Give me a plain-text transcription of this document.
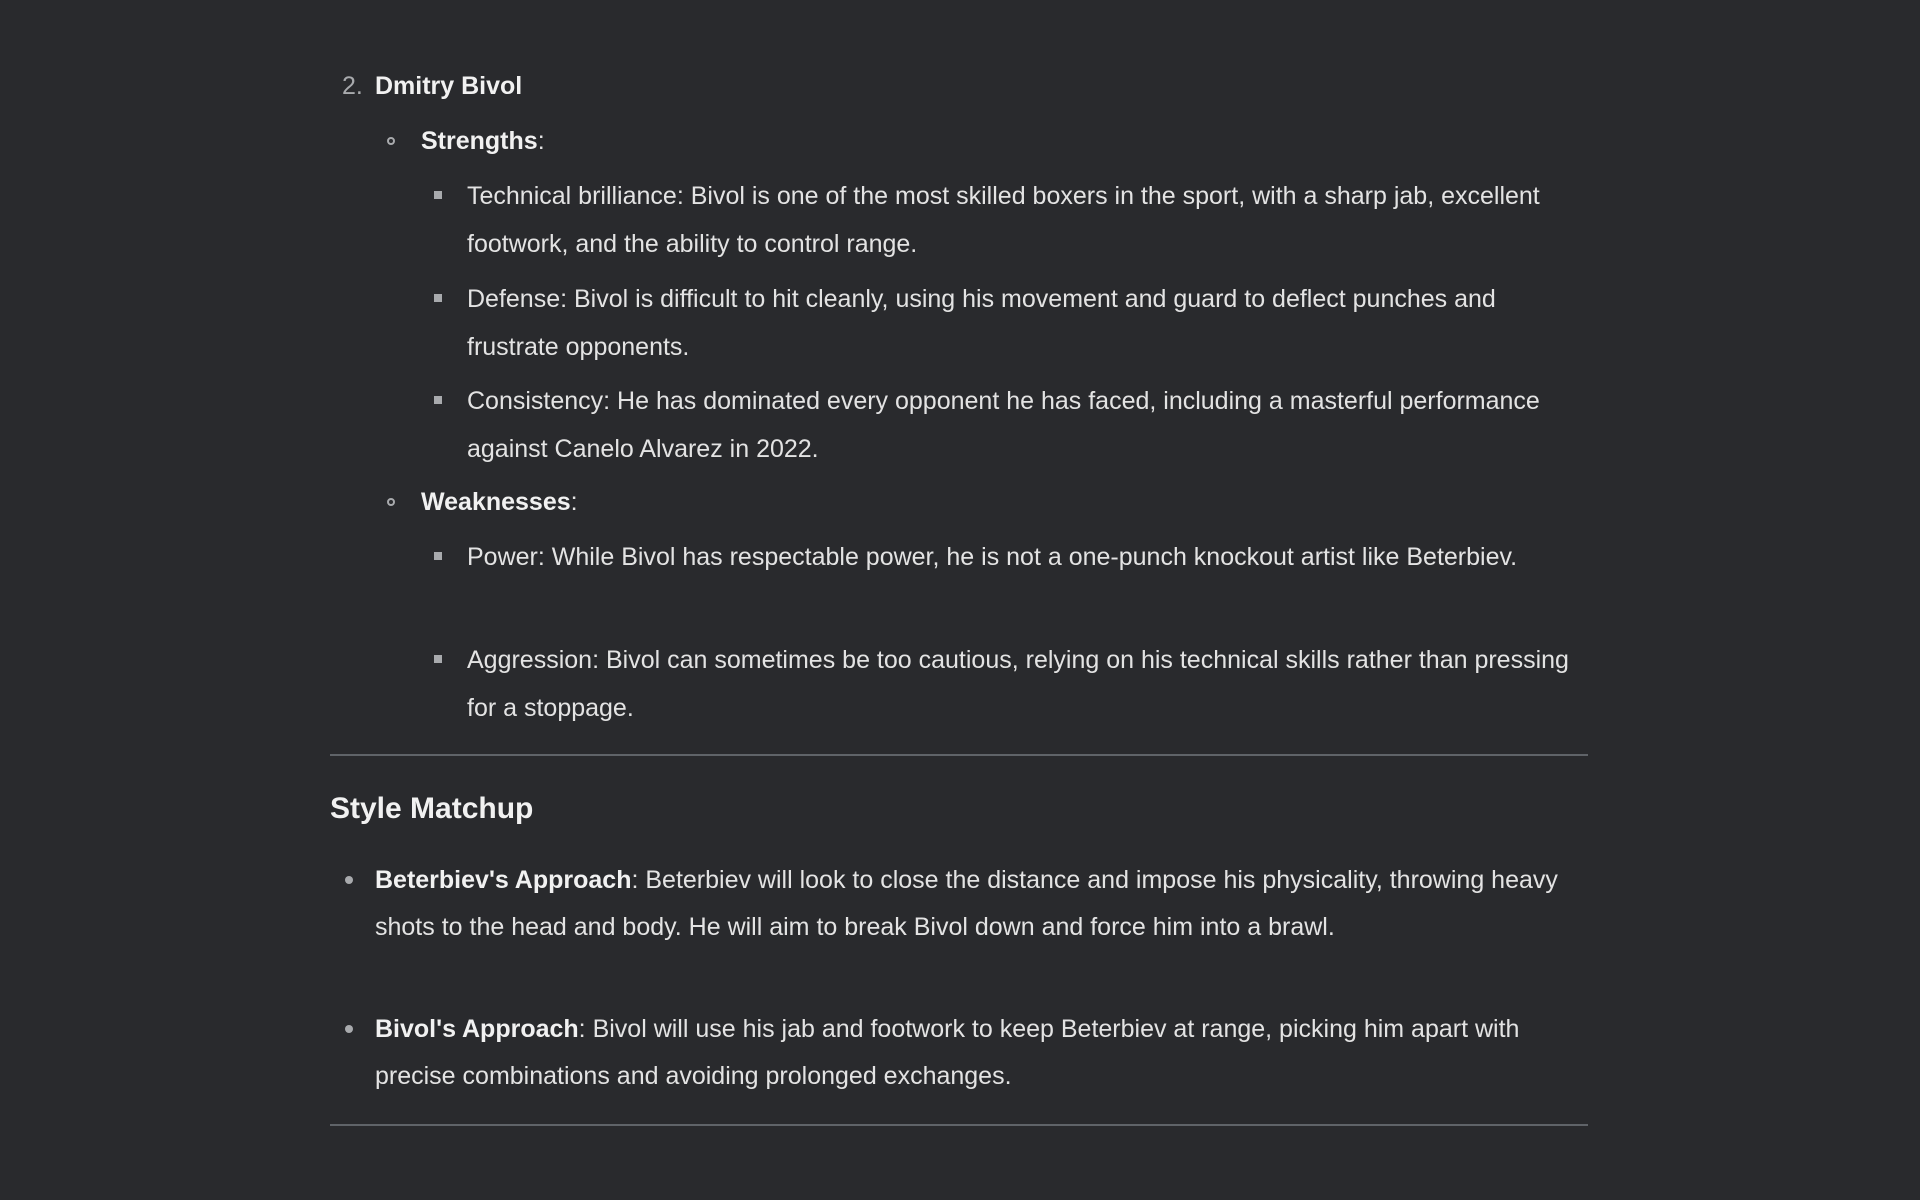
2. Dmitry Bivol
Strengths:
Technical brilliance: Bivol is one of the most skilled boxers in the sport, with a sharp jab, excellent footwork, and the ability to control range.
Defense: Bivol is difficult to hit cleanly, using his movement and guard to deflect punches and frustrate opponents.
Consistency: He has dominated every opponent he has faced, including a masterful performance against Canelo Alvarez in 2022.
Weaknesses:
Power: While Bivol has respectable power, he is not a one-punch knockout artist like Beterbiev.
Aggression: Bivol can sometimes be too cautious, relying on his technical skills rather than pressing for a stoppage.
Style Matchup
Beterbiev's Approach: Beterbiev will look to close the distance and impose his physicality, throwing heavy shots to the head and body. He will aim to break Bivol down and force him into a brawl.
Bivol's Approach: Bivol will use his jab and footwork to keep Beterbiev at range, picking him apart with precise combinations and avoiding prolonged exchanges.
